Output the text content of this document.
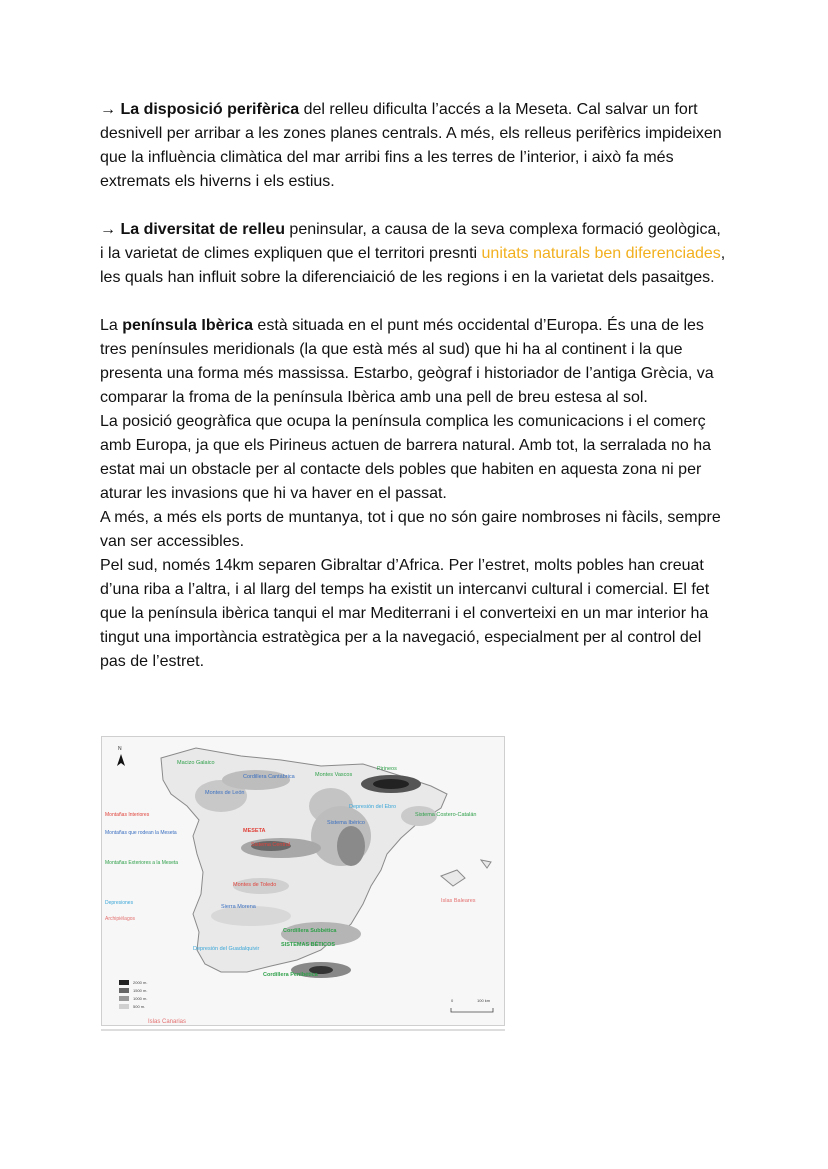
→ La disposició perifèrica del relleu dificulta l’accés a la Meseta. Cal salvar un fort desnivell per arribar a les zones planes centrals. A més, els relleus perifèrics impideixen que la influència climàtica del mar arribi fins a les terres de l’interior, i això fa més extremats els hiverns i els estius.

→ La diversitat de relleu peninsular, a causa de la seva complexa formació geològica, i la varietat de climes expliquen que el territori presnti unitats naturals ben diferenciades, les quals han influit sobre la diferenciaició de les regions i en la varietat dels pasaitges.

La península Ibèrica està situada en el punt més occidental d’Europa. És una de les tres penínsules meridionals (la que està més al sud) que hi ha al continent i la que presenta una forma més massissa. Estarbo, geògraf i historiador de l’antiga Grècia, va comparar la froma de la península Ibèrica amb una pell de breu estesa al sol.

La posició geogràfica que ocupa la península complica les comunicacions i el comerç amb Europa, ja que els Pirineus actuen de barrera natural. Amb tot, la serralada no ha estat mai un obstacle per al contacte dels pobles que habiten en aquesta zona ni per aturar les invasions que hi va haver en el passat.

A més, a més els ports de muntanya, tot i que no són gaire nombroses ni fàcils, sempre van ser accessibles.

Pel sud, només 14km separen Gibraltar d’Africa. Per l’estret, molts pobles han creuat d’una riba a l’altra, i al llarg del temps ha existit un intercanvi cultural i comercial. El fet que la península ibèrica tanqui el mar Mediterrani i el converteixi en un mar interior ha tingut una importància estratègica per a la navegació, especialment per al control del pas de l’estret.

N
Montañas Interiores
Montañas que rodean la Meseta
Montañas Exteriores a la Meseta
Depresiones
Archipiélagos
Macizo Galaico
Cordillera Cantábrica	Montes Vascos
Pirineos
Montes de León
Depresión del Ebro
Sistema Ibérico
Sistema Costero-Catalán
MESETA
Sistema Central
Montes de Toledo
Sierra Morena
Islas Baleares
Cordillera Subbética
Depresión del Guadalquivir
SISTEMAS BÉTICOS
Cordillera Penibética
2000 m.
1500 m.
1000 m.
500 m.
0	100 km
Islas Canarias
